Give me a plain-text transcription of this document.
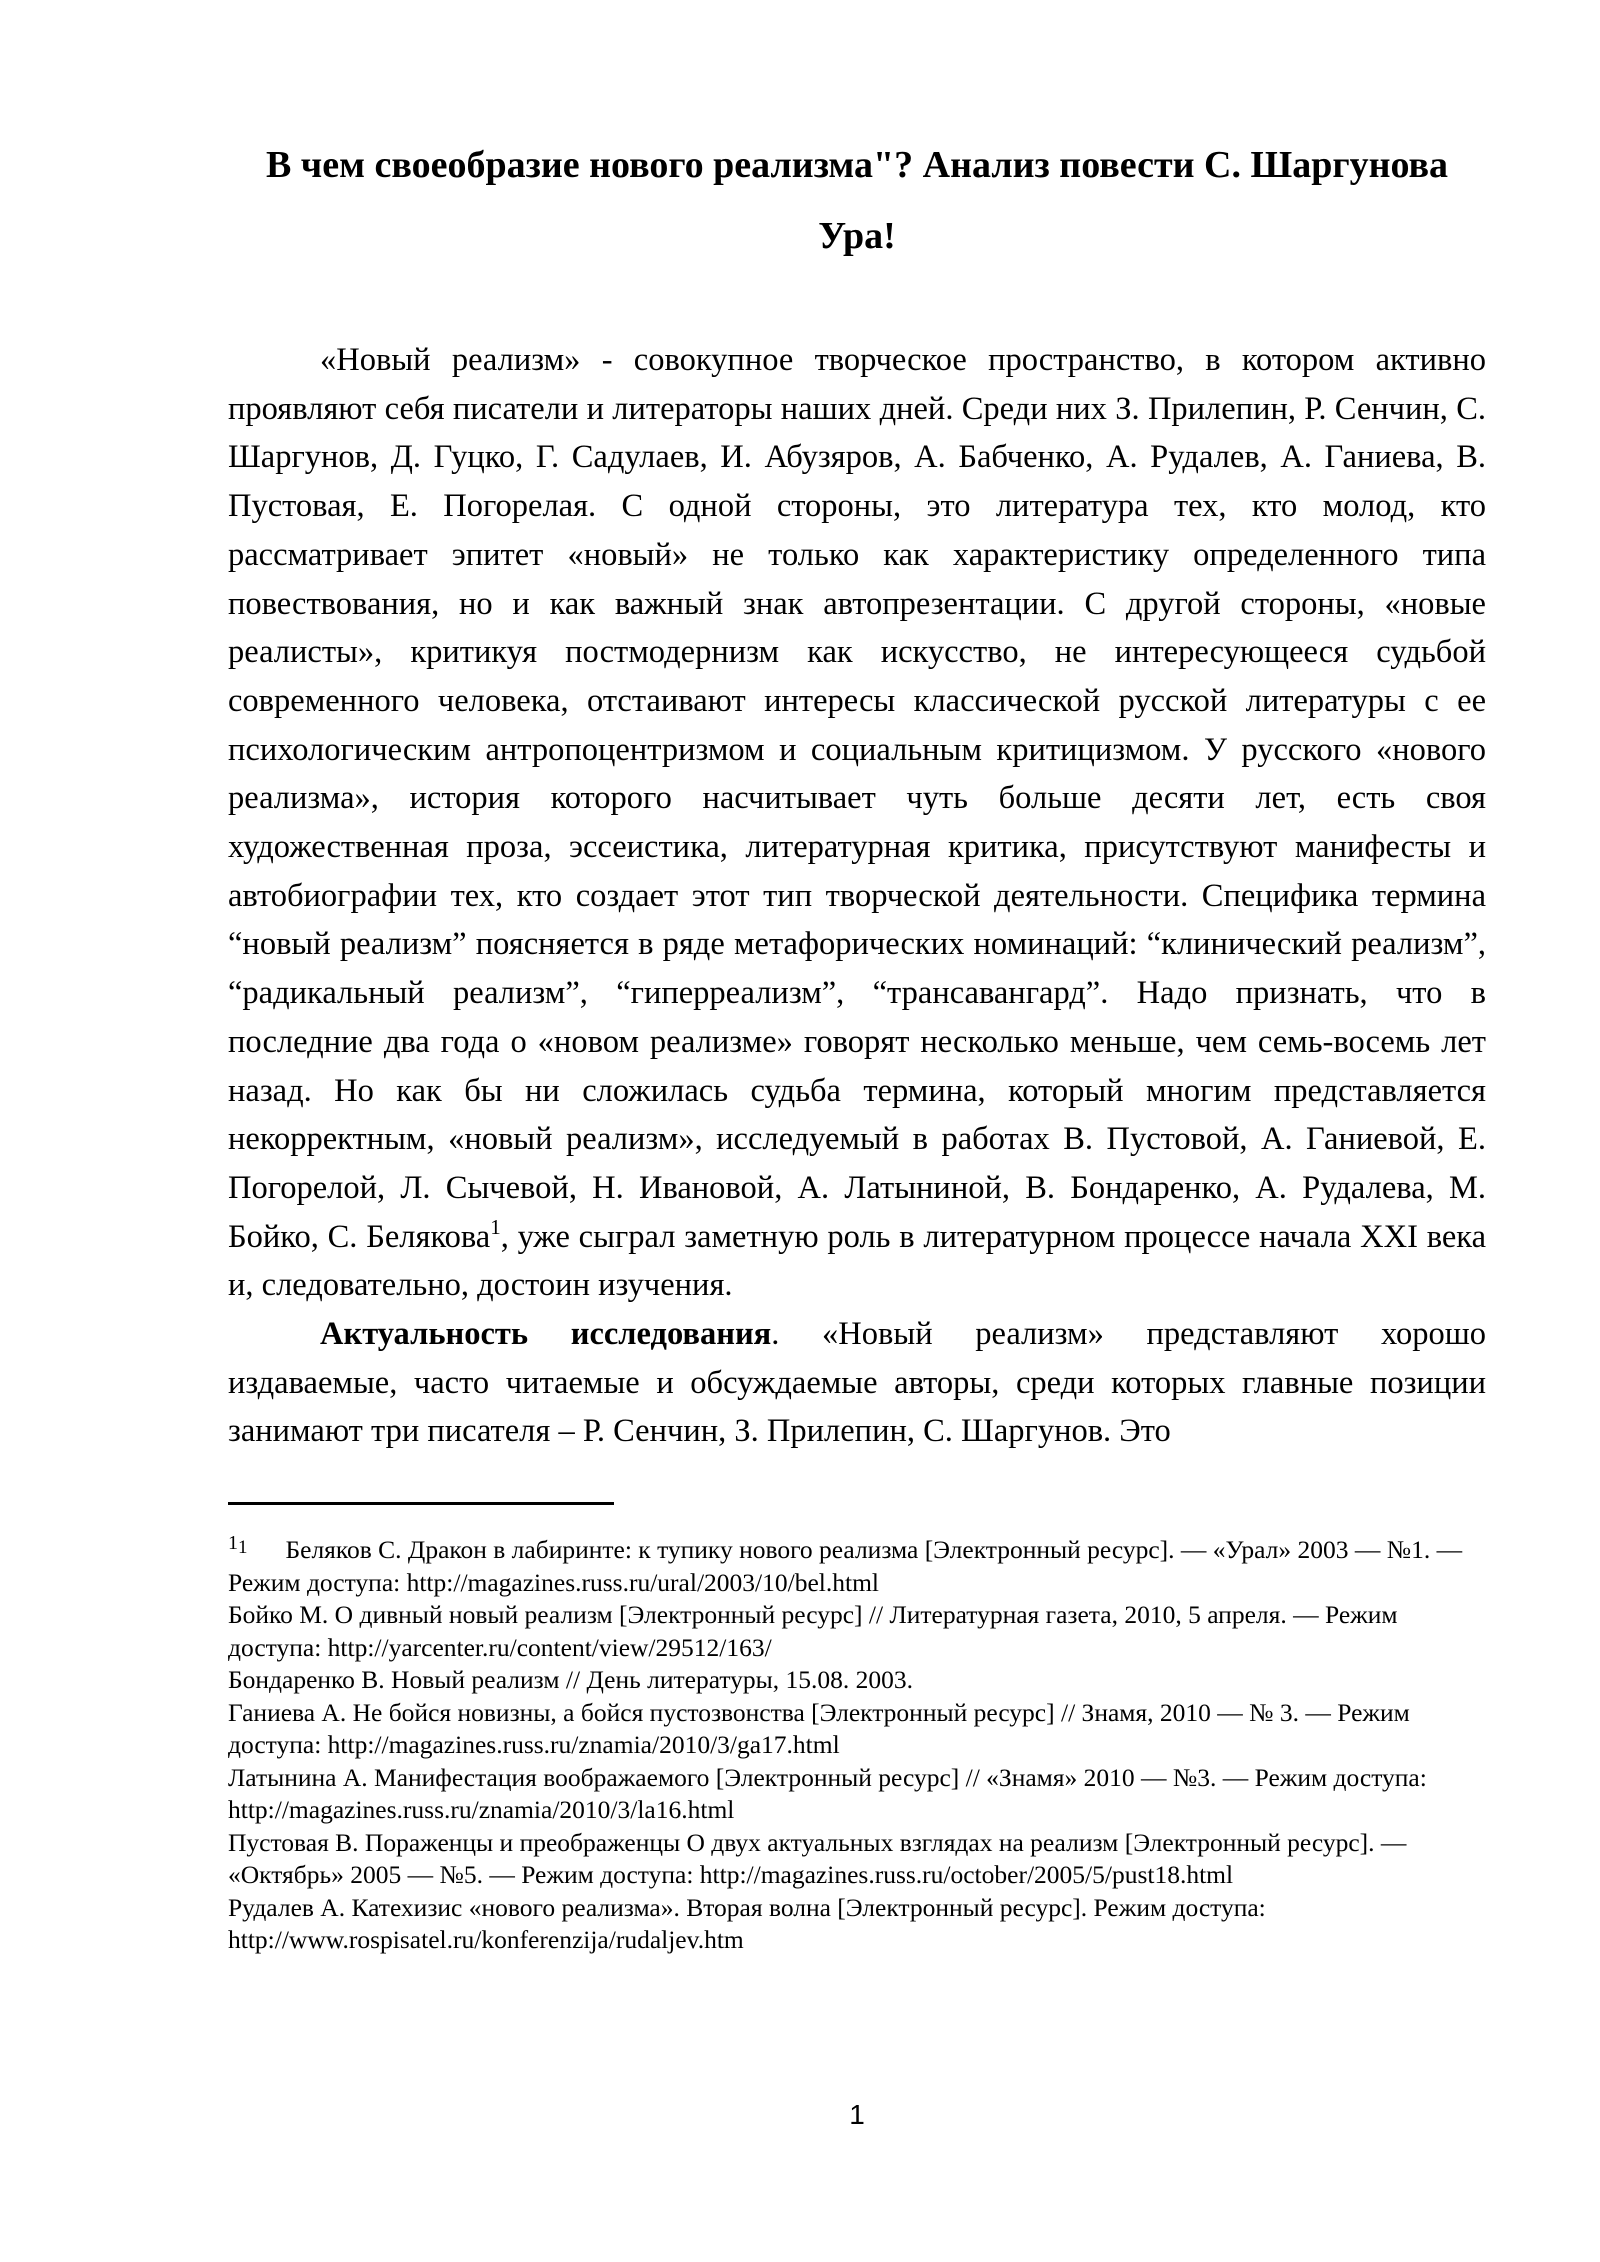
В чем своеобразие нового реализма"? Анализ повести С. Шаргунова
Ура!

«Новый реализм» - совокупное творческое пространство, в котором активно проявляют себя писатели и литераторы наших дней. Среди них З. Прилепин, Р. Сенчин, С. Шаргунов, Д. Гуцко, Г. Садулаев, И. Абузяров, А. Бабченко, А. Рудалев, А. Ганиева, В. Пустовая, Е. Погорелая. С одной стороны, это литература тех, кто молод, кто рассматривает эпитет «новый» не только как характеристику определенного типа повествования, но и как важный знак автопрезентации. С другой стороны, «новые реалисты», критикуя постмодернизм как искусство, не интересующееся судьбой современного человека, отстаивают интересы классической русской литературы с ее психологическим антропоцентризмом и социальным критицизмом. У русского «нового реализма», история которого насчитывает чуть больше десяти лет, есть своя художественная проза, эссеистика, литературная критика, присутствуют манифесты и автобиографии тех, кто создает этот тип творческой деятельности. Специфика термина “новый реализм” поясняется в ряде метафорических номинаций: “клинический реализм”, “радикальный реализм”, “гиперреализм”, “трансавангард”. Надо признать, что в последние два года о «новом реализме» говорят несколько меньше, чем семь-восемь лет назад. Но как бы ни сложилась судьба термина, который многим представляется некорректным, «новый реализм», исследуемый в работах В. Пустовой, А. Ганиевой, Е. Погорелой, Л. Сычевой, Н. Ивановой, А. Латыниной, В. Бондаренко, А. Рудалева, М. Бойко, С. Белякова$^1$, уже сыграл заметную роль в литературном процессе начала XXI века и, следовательно, достоин изучения.

Актуальность исследования. «Новый реализм» представляют хорошо издаваемые, часто читаемые и обсуждаемые авторы, среди которых главные позиции занимают три писателя – Р. Сенчин, З. Прилепин, С. Шаргунов. Это

$^1$1 Беляков С. Дракон в лабиринте: к тупику нового реализма [Электронный ресурс]. — «Урал» 2003 — №1. — Режим доступа: http://magazines.russ.ru/ural/2003/10/bel.html
Бойко М. О дивный новый реализм [Электронный ресурс] // Литературная газета, 2010, 5 апреля. — Режим доступа: http://yarcenter.ru/content/view/29512/163/
Бондаренко В. Новый реализм // День литературы, 15.08. 2003.
Ганиева А. Не бойся новизны, а бойся пустозвонства [Электронный ресурс] // Знамя, 2010 — № 3. — Режим доступа: http://magazines.russ.ru/znamia/2010/3/ga17.html
Латынина А. Манифестация воображаемого [Электронный ресурс] // «Знамя» 2010 — №3. — Режим доступа: http://magazines.russ.ru/znamia/2010/3/la16.html
Пустовая В. Пораженцы и преображенцы О двух актуальных взглядах на реализм [Электронный ресурс]. — «Октябрь» 2005 — №5. — Режим доступа: http://magazines.russ.ru/october/2005/5/pust18.html
Рудалев А. Катехизис «нового реализма». Вторая волна [Электронный ресурс]. Режим доступа: http://www.rospisatel.ru/konferenzija/rudaljev.htm
1
